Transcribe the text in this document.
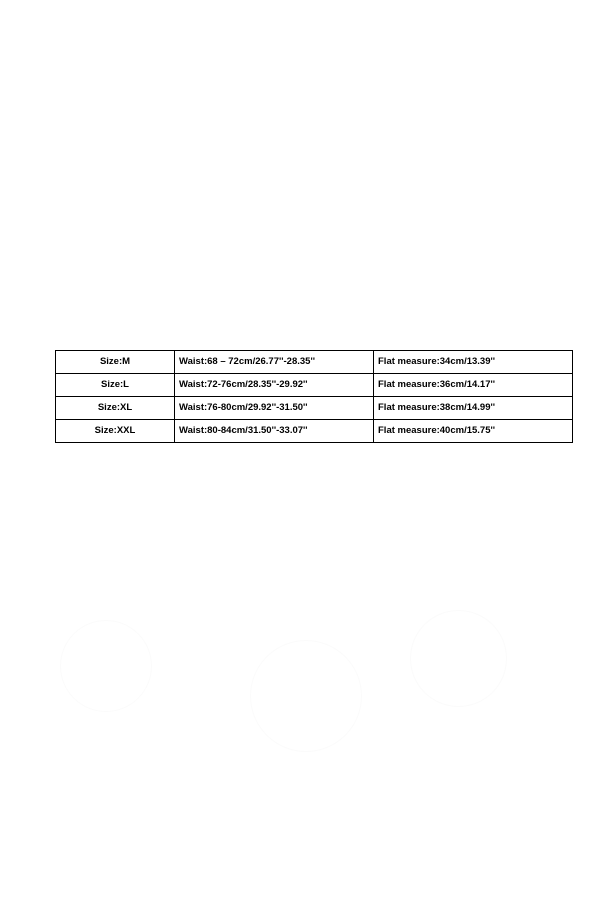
Size:M	Waist:68 – 72cm/26.77''-28.35''	Flat measure:34cm/13.39''
Size:L	Waist:72-76cm/28.35''-29.92''	Flat measure:36cm/14.17''
Size:XL	Waist:76-80cm/29.92''-31.50''	Flat measure:38cm/14.99''
Size:XXL	Waist:80-84cm/31.50''-33.07''	Flat measure:40cm/15.75''
